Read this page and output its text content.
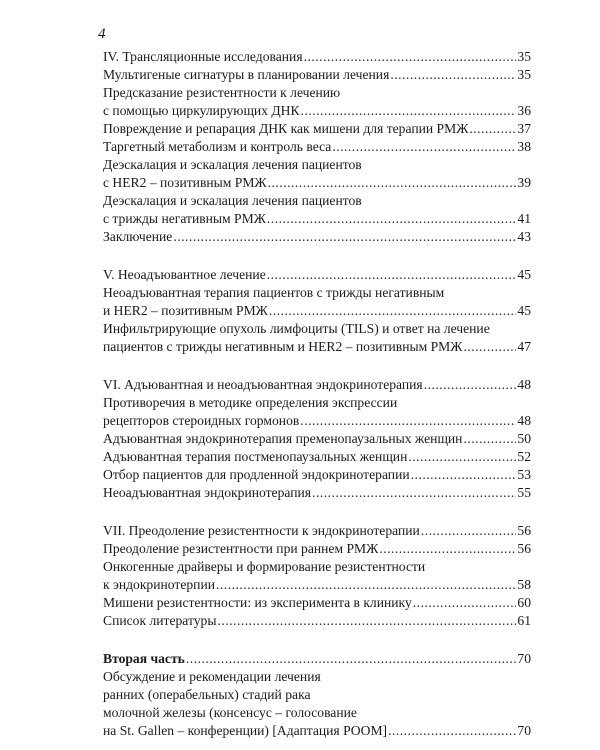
4
IV. Трансляционные исследования .....	35
Мультигеные сигнатуры в планировании лечения .....	35
Предсказание резистентности к лечению
с помощью циркулирующих ДНК .....	36
Повреждение и репарация ДНК как мишени для терапии РМЖ .....	37
Таргетный метаболизм и контроль веса .....	38
Деэскалация и эскалация лечения пациентов
с HER2 – позитивным РМЖ .....	39
Деэскалация и эскалация лечения пациентов
с трижды негативным РМЖ .....	41
Заключение .....	43
V. Неоадъювантное лечение .....	45
Неоадъювантная терапия пациентов с трижды негативным
и HER2 – позитивным РМЖ .....	45
Инфильтрирующие опухоль лимфоциты (TILS) и ответ на лечение
пациентов с трижды негативным и HER2 – позитивным РМЖ .....	47
VI. Адъювантная и неоадъювантная эндокринотерапия .....	48
Противоречия в методике определения экспрессии
рецепторов стероидных гормонов .....	48
Адъювантная эндокринотерапия пременопаузальных женщин .....	50
Адъювантная терапия постменопаузальных женщин .....	52
Отбор пациентов для продленной эндокринотерапии .....	53
Неоадъювантная эндокринотерапия .....	55
VII. Преодоление резистентности к эндокринотерапии .....	56
Преодоление резистентности при раннем РМЖ .....	56
Онкогенные драйверы и формирование резистентности
к эндокринотерпии .....	58
Мишени резистентности: из эксперимента в клинику .....	60
Список литературы .....	61
Вторая часть .....	70
Обсуждение и рекомендации лечения
ранних (операбельных) стадий рака
молочной железы (консенсус – голосование
на St. Gallen – конференции) [Адаптация РООМ] .....	70
